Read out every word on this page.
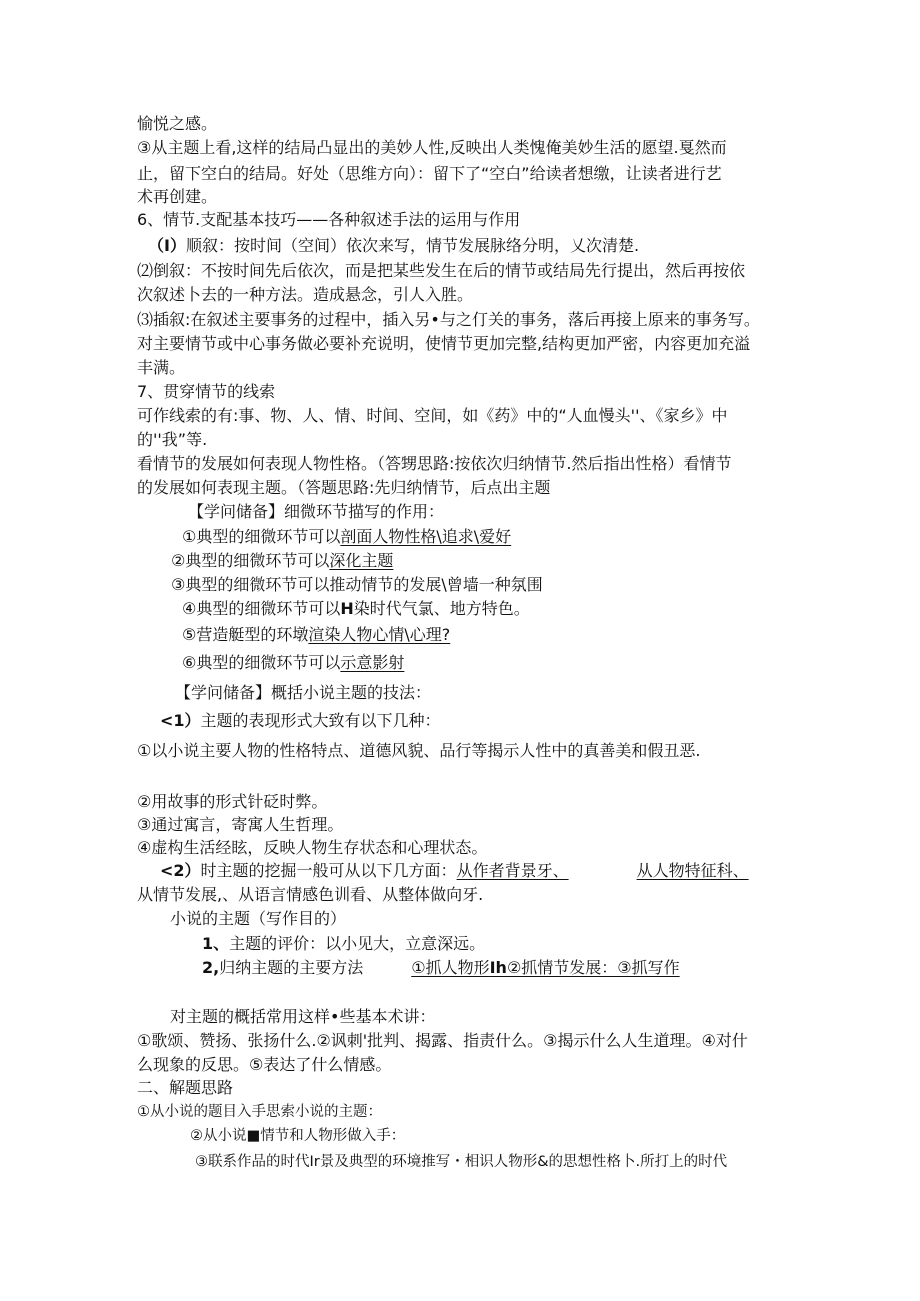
愉悦之感。
③从主题上看,这样的结局凸显出的美妙人性,反映出人类愧俺美妙生活的愿望.戛然而
止，留下空白的结局。好处（思维方向）：留下了“空白”给读者想缴，让读者进行艺
术再创建。
6、情节.支配基本技巧——各种叙述手法的运用与作用
（I）顺叙：按时间（空间）依次来写，情节发展脉络分明，乂次清楚.
⑵倒叙：不按时间先后依次，而是把某些发生在后的情节或结局先行提出，然后再按依
次叙述卜去的一种方法。造成悬念，引人入胜。
⑶插叙:在叙述主要事务的过程中，插入另•与之仃关的事务，落后再接上原来的事务写。
对主要情节或中心事务做必要补充说明，使情节更加完整,结构更加严密，内容更加充溢
丰满。
7、贯穿情节的线索
可作线索的有:事、物、人、情、时间、空间，如《药》中的“人血慢头''、《家乡》中
的''我”等.
看情节的发展如何表现人物性格。（答甥思路:按依次归纳情节.然后指出性格）看情节
的发展如何表现主题。（答题思路:先归纳情节，后点出主题
【学问储备】细微环节描写的作用：
①典型的细微环节可以剖面人物性格\追求\爱好
②典型的细微环节可以深化主题
③典型的细微环节可以推动情节的发展\曾墙一种氛围
④典型的细微环节可以H染时代气氯、地方特色。
⑤营造艇型的环墩渲染人物心情\心理?
⑥典型的细微环节可以示意影射
【学问储备】概括小说主题的技法：
<1）主题的表现形式大致有以下几种：
①以小说主要人物的性格特点、道德风貌、品行等揭示人性中的真善美和假丑恶.
②用故事的形式针砭时弊。
③通过寓言，寄寓人生哲理。
④虚构生活经眩，反映人物生存状态和心理状态。
<2）时主题的挖掘一般可从以下几方面：从作者背景牙、	从人物特征科、
从情节发展,、从语言情感色训看、从整体做向牙.
小说的主题（写作目的）
1、主题的评价：以小见大，立意深远。
2,归纳主题的主要方法	①抓人物形Ih②抓情节发展：③抓写作
对主题的概括常用这样•些基本术讲：
①歌颂、赞扬、张扬什么.②讽刺'批判、揭露、指责什么。③揭示什么人生道理。④对什
么现象的反思。⑤表达了什么情感。
二、解题思路
①从小说的题目入手思索小说的主题：
②从小说■情节和人物形做入手：
③联系作品的时代Ir景及典型的环境推写・相识人物形&的思想性格卜.所打上的时代
